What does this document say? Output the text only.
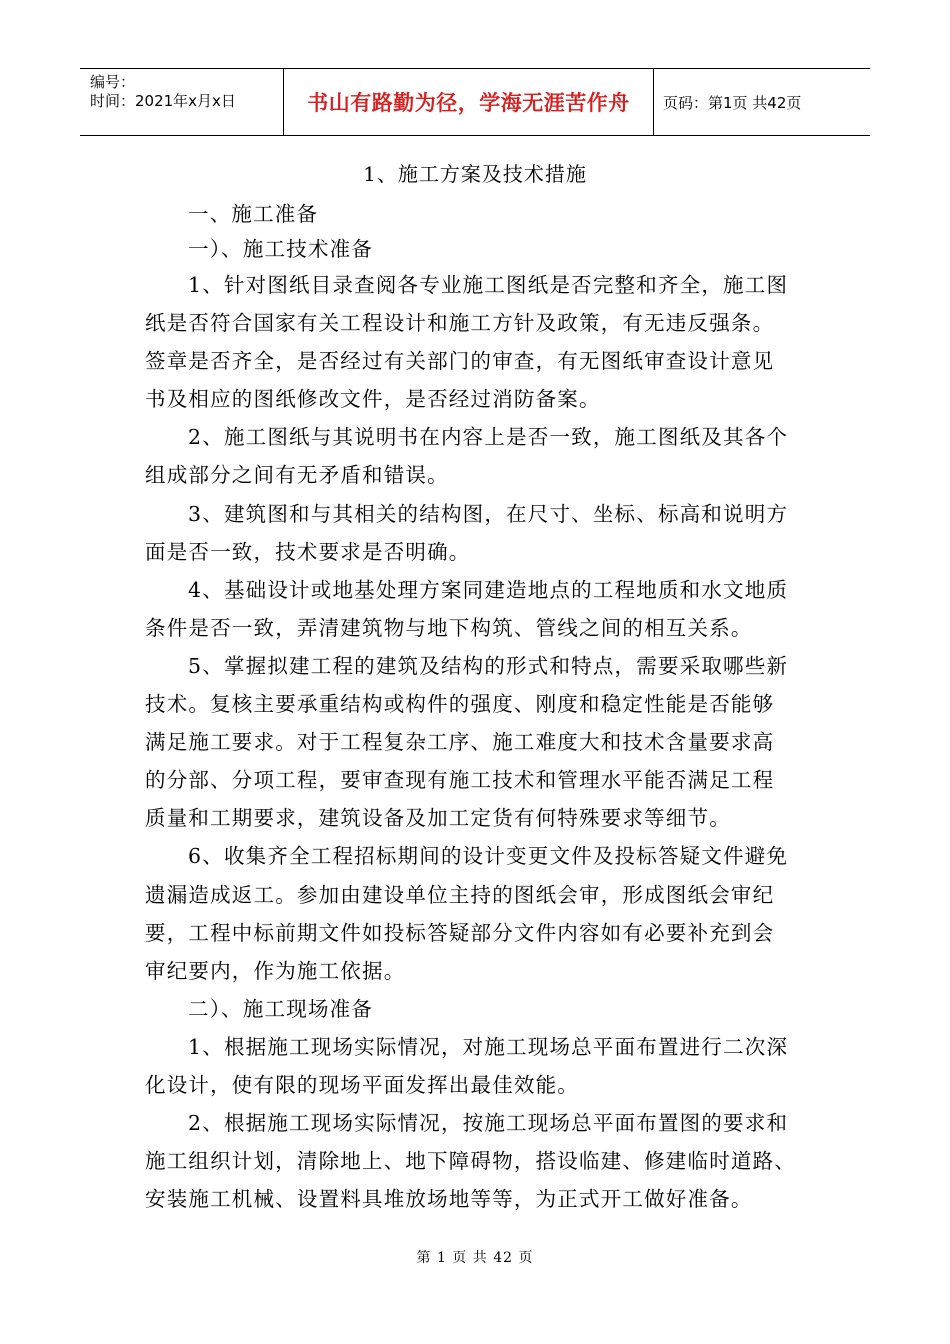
编号：
时间：2021年x月x日	书山有路勤为径，学海无涯苦作舟	页码：第1页 共42页
1、施工方案及技术措施
一、施工准备
一）、施工技术准备
1、针对图纸目录查阅各专业施工图纸是否完整和齐全，施工图
纸是否符合国家有关工程设计和施工方针及政策，有无违反强条。
签章是否齐全，是否经过有关部门的审查，有无图纸审查设计意见
书及相应的图纸修改文件，是否经过消防备案。
2、施工图纸与其说明书在内容上是否一致，施工图纸及其各个
组成部分之间有无矛盾和错误。
3、建筑图和与其相关的结构图，在尺寸、坐标、标高和说明方
面是否一致，技术要求是否明确。
4、基础设计或地基处理方案同建造地点的工程地质和水文地质
条件是否一致，弄清建筑物与地下构筑、管线之间的相互关系。
5、掌握拟建工程的建筑及结构的形式和特点，需要采取哪些新
技术。复核主要承重结构或构件的强度、刚度和稳定性能是否能够
满足施工要求。对于工程复杂工序、施工难度大和技术含量要求高
的分部、分项工程，要审查现有施工技术和管理水平能否满足工程
质量和工期要求，建筑设备及加工定货有何特殊要求等细节。
6、收集齐全工程招标期间的设计变更文件及投标答疑文件避免
遗漏造成返工。参加由建设单位主持的图纸会审，形成图纸会审纪
要，工程中标前期文件如投标答疑部分文件内容如有必要补充到会
审纪要内，作为施工依据。
二）、施工现场准备
1、根据施工现场实际情况，对施工现场总平面布置进行二次深
化设计，使有限的现场平面发挥出最佳效能。
2、根据施工现场实际情况，按施工现场总平面布置图的要求和
施工组织计划，清除地上、地下障碍物，搭设临建、修建临时道路、
安装施工机械、设置料具堆放场地等等，为正式开工做好准备。
第 1 页 共 42 页
